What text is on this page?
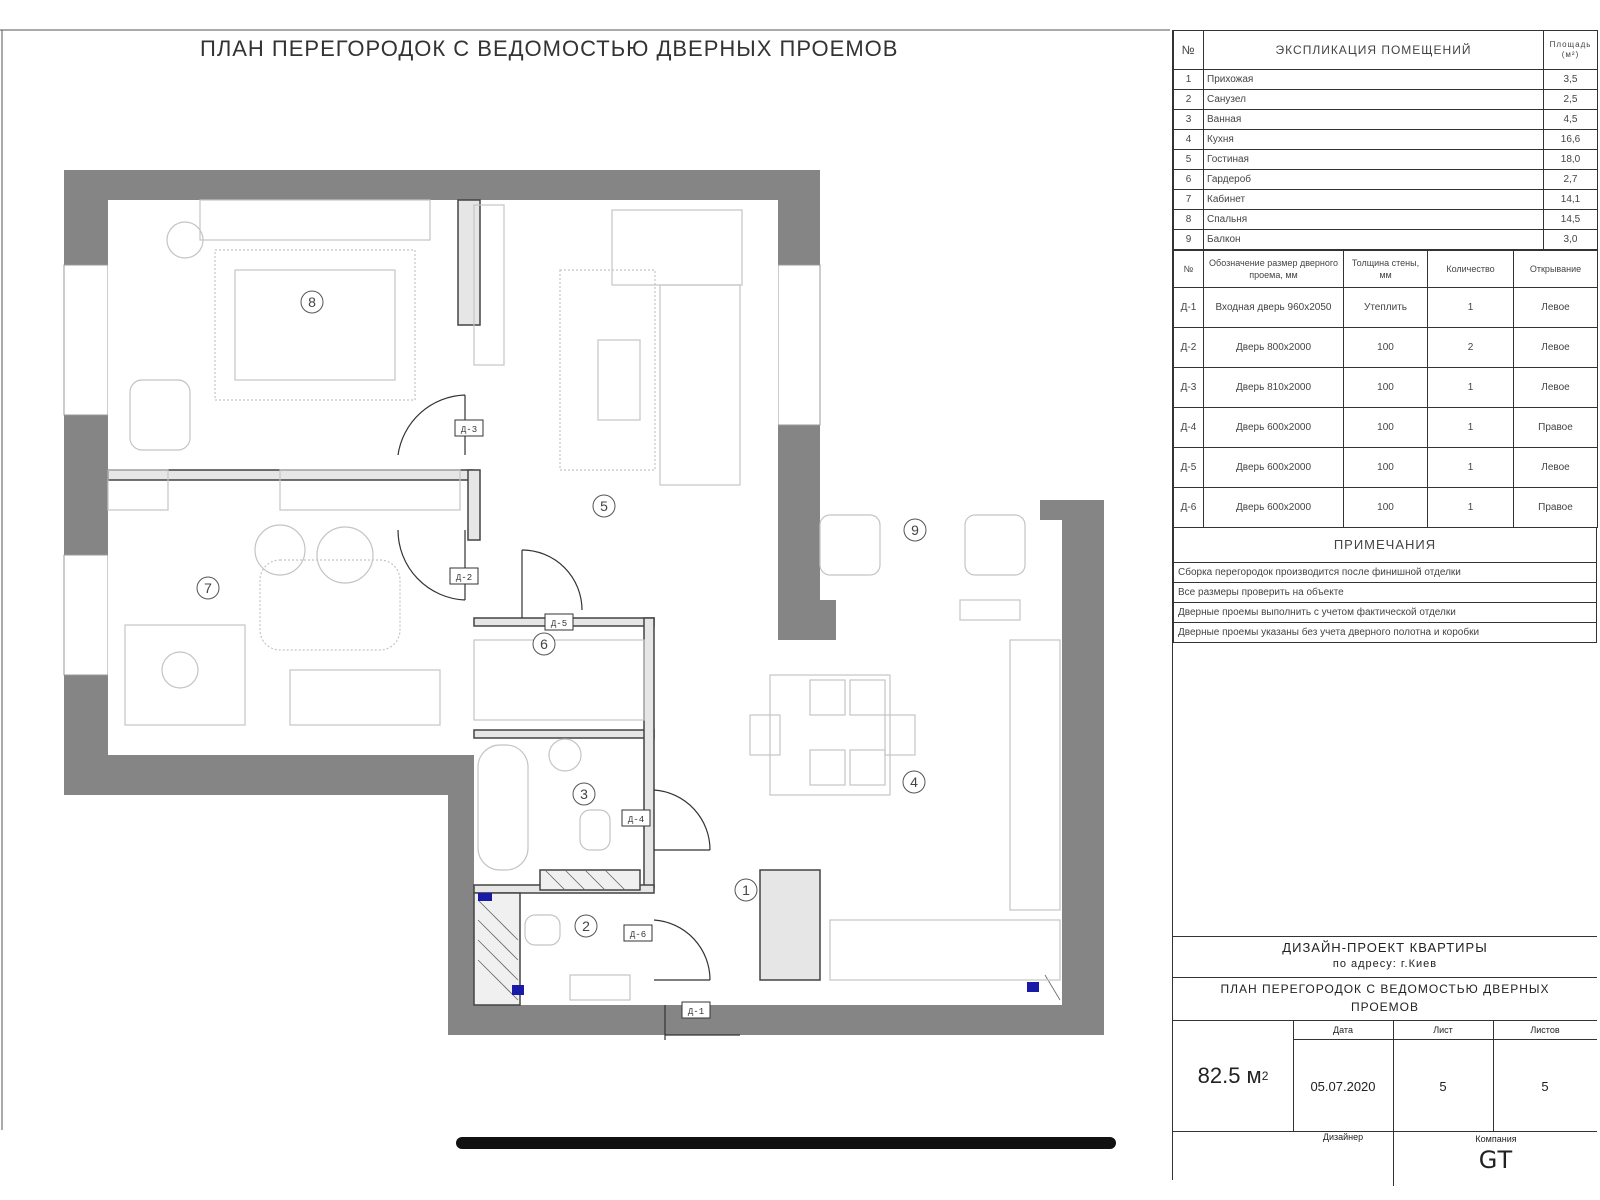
ПЛАН ПЕРЕГОРОДОК С ВЕДОМОСТЬЮ ДВЕРНЫХ ПРОЕМОВ
1
2
3
4
5
6
7
8
9
Д-1
Д-2
Д-3
Д-4
Д-5
Д-6
№	ЭКСПЛИКАЦИЯ ПОМЕЩЕНИЙ	Площадь (м²)
1	Прихожая	3,5
2	Санузел	2,5
3	Ванная	4,5
4	Кухня	16,6
5	Гостиная	18,0
6	Гардероб	2,7
7	Кабинет	14,1
8	Спальня	14,5
9	Балкон	3,0
№	Обозначение размер дверного проема, мм	Толщина стены, мм	Количество	Открывание
Д-1	Входная дверь 960x2050	Утеплить	1	Левое
Д-2	Дверь 800x2000	100	2	Левое
Д-3	Дверь 810x2000	100	1	Левое
Д-4	Дверь 600x2000	100	1	Правое
Д-5	Дверь 600x2000	100	1	Левое
Д-6	Дверь 600x2000	100	1	Правое
ПРИМЕЧАНИЯ
Сборка перегородок производится после финишной отделки
Все размеры проверить на объекте
Дверные проемы выполнить с учетом фактической отделки
Дверные проемы указаны без учета дверного полотна и коробки
ДИЗАЙН-ПРОЕКТ КВАРТИРЫ
по адресу: г.Киев
ПЛАН ПЕРЕГОРОДОК С ВЕДОМОСТЬЮ ДВЕРНЫХ
ПРОЕМОВ
82.5 м 2
Дата
05.07.2020
Лист
5
Листов
5
Дизайнер	Компания
GT
